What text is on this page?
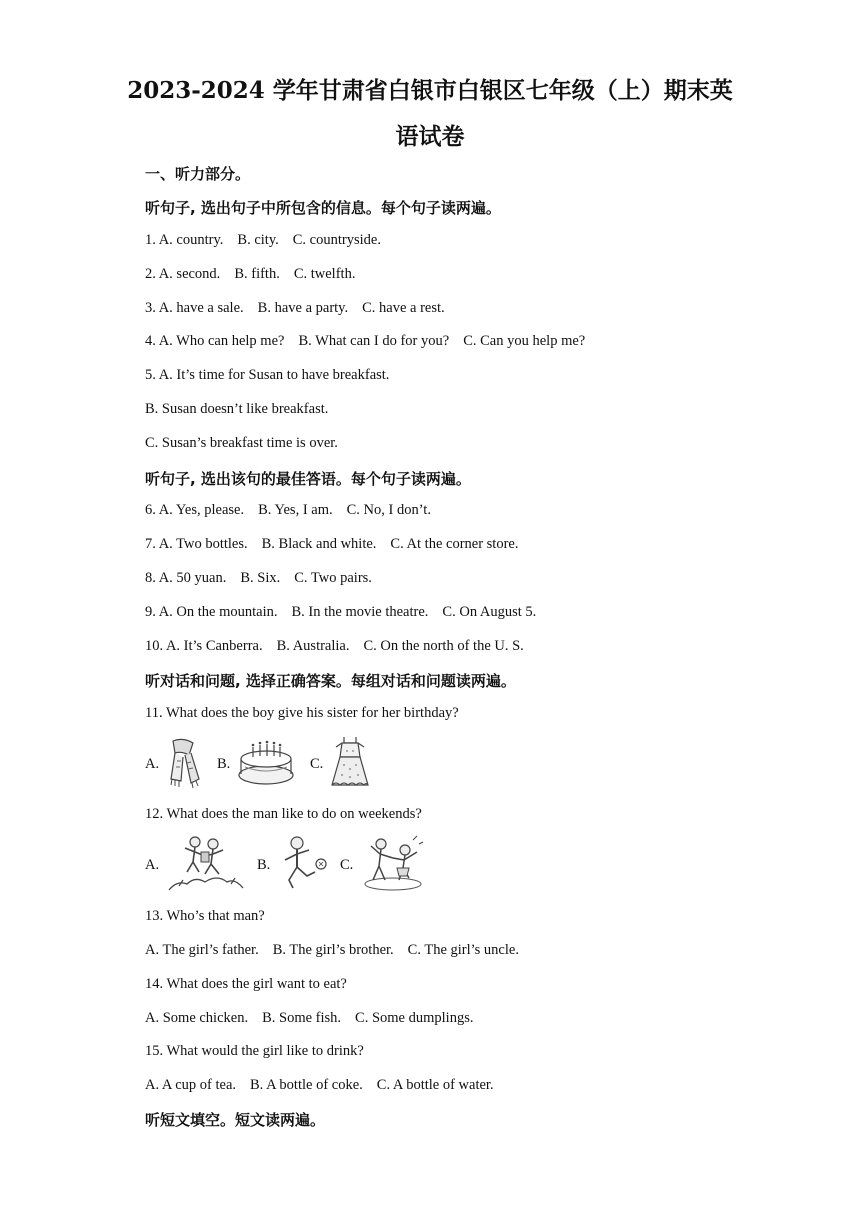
2023-2024 学年甘肃省白银市白银区七年级（上）期末英
语试卷
一、听力部分。
听句子, 选出句子中所包含的信息。每个句子读两遍。
1. A. country. B. city. C. countryside.
2. A. second. B. fifth. C. twelfth.
3. A. have a sale. B. have a party. C. have a rest.
4. A. Who can help me? B. What can I do for you? C. Can you help me?
5. A. It’s time for Susan to have breakfast.
B. Susan doesn’t like breakfast.
C. Susan’s breakfast time is over.
听句子, 选出该句的最佳答语。每个句子读两遍。
6. A. Yes, please. B. Yes, I am. C. No, I don’t.
7. A. Two bottles. B. Black and white. C. At the corner store.
8. A. 50 yuan. B. Six. C. Two pairs.
9. A. On the mountain. B. In the movie theatre. C. On August 5.
10. A. It’s Canberra. B. Australia. C. On the north of the U. S.
听对话和问题, 选择正确答案。每组对话和问题读两遍。
11. What does the boy give his sister for her birthday?
A.	B.	C.
12. What does the man like to do on weekends?
A.	B.	C.
13. Who’s that man?
A. The girl’s father. B. The girl’s brother. C. The girl’s uncle.
14. What does the girl want to eat?
A. Some chicken. B. Some fish. C. Some dumplings.
15. What would the girl like to drink?
A. A cup of tea. B. A bottle of coke. C. A bottle of water.
听短文填空。短文读两遍。
